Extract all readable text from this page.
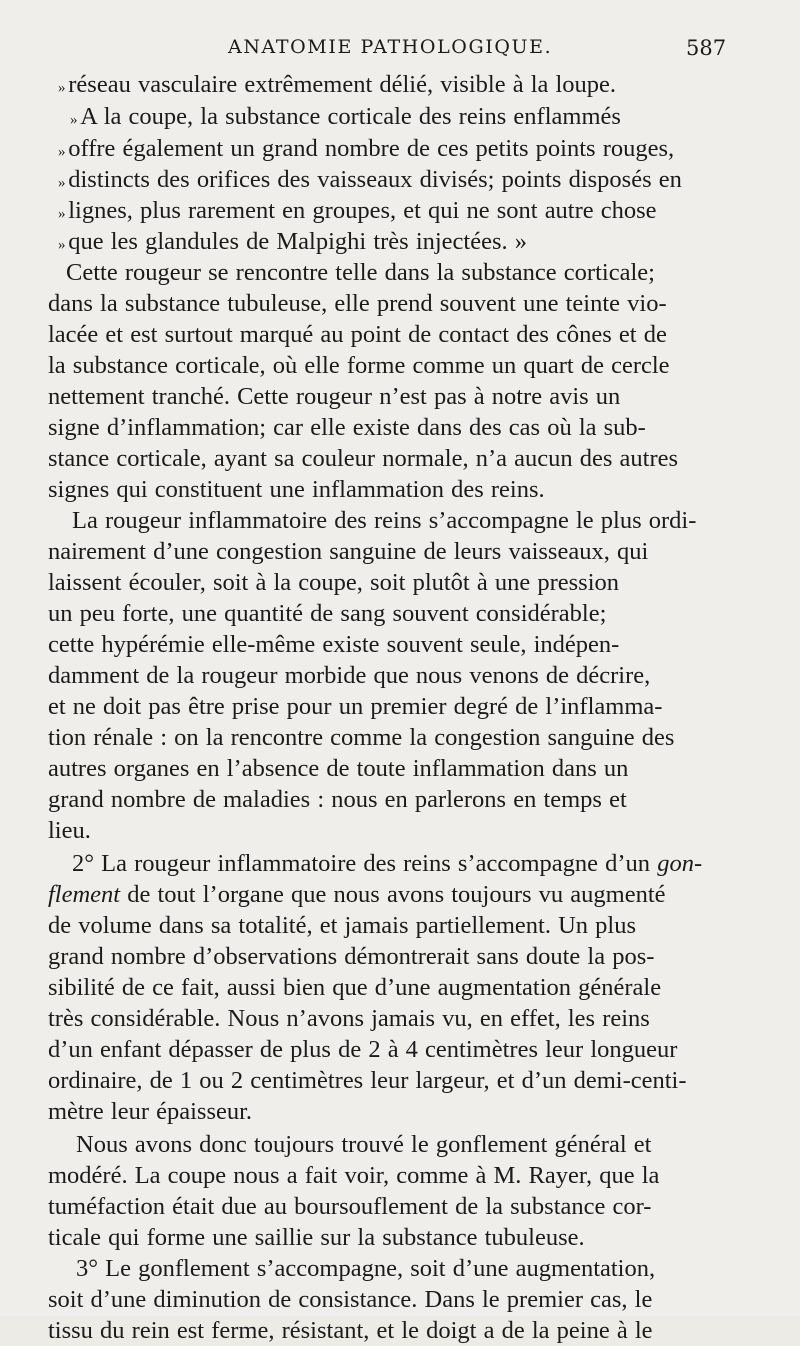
ANATOMIE PATHOLOGIQUE.	587
» réseau vasculaire extrêmement délié, visible à la loupe.
» A la coupe, la substance corticale des reins enflammés
» offre également un grand nombre de ces petits points rouges,
» distincts des orifices des vaisseaux divisés; points disposés en
» lignes, plus rarement en groupes, et qui ne sont autre chose
» que les glandules de Malpighi très injectées. »
Cette rougeur se rencontre telle dans la substance corticale;
dans la substance tubuleuse, elle prend souvent une teinte vio-
lacée et est surtout marqué au point de contact des cônes et de
la substance corticale, où elle forme comme un quart de cercle
nettement tranché. Cette rougeur n’est pas à notre avis un
signe d’inflammation; car elle existe dans des cas où la sub-
stance corticale, ayant sa couleur normale, n’a aucun des autres
signes qui constituent une inflammation des reins.
La rougeur inflammatoire des reins s’accompagne le plus ordi-
nairement d’une congestion sanguine de leurs vaisseaux, qui
laissent écouler, soit à la coupe, soit plutôt à une pression
un peu forte, une quantité de sang souvent considérable;
cette hypérémie elle-même existe souvent seule, indépen-
damment de la rougeur morbide que nous venons de décrire,
et ne doit pas être prise pour un premier degré de l’inflamma-
tion rénale : on la rencontre comme la congestion sanguine des
autres organes en l’absence de toute inflammation dans un
grand nombre de maladies : nous en parlerons en temps et
lieu.
2° La rougeur inflammatoire des reins s’accompagne d’un gon-
flement de tout l’organe que nous avons toujours vu augmenté
de volume dans sa totalité, et jamais partiellement. Un plus
grand nombre d’observations démontrerait sans doute la pos-
sibilité de ce fait, aussi bien que d’une augmentation générale
très considérable. Nous n’avons jamais vu, en effet, les reins
d’un enfant dépasser de plus de 2 à 4 centimètres leur longueur
ordinaire, de 1 ou 2 centimètres leur largeur, et d’un demi-centi-
mètre leur épaisseur.
Nous avons donc toujours trouvé le gonflement général et
modéré. La coupe nous a fait voir, comme à M. Rayer, que la
tuméfaction était due au boursouflement de la substance cor-
ticale qui forme une saillie sur la substance tubuleuse.
3° Le gonflement s’accompagne, soit d’une augmentation,
soit d’une diminution de consistance. Dans le premier cas, le
tissu du rein est ferme, résistant, et le doigt a de la peine à le
